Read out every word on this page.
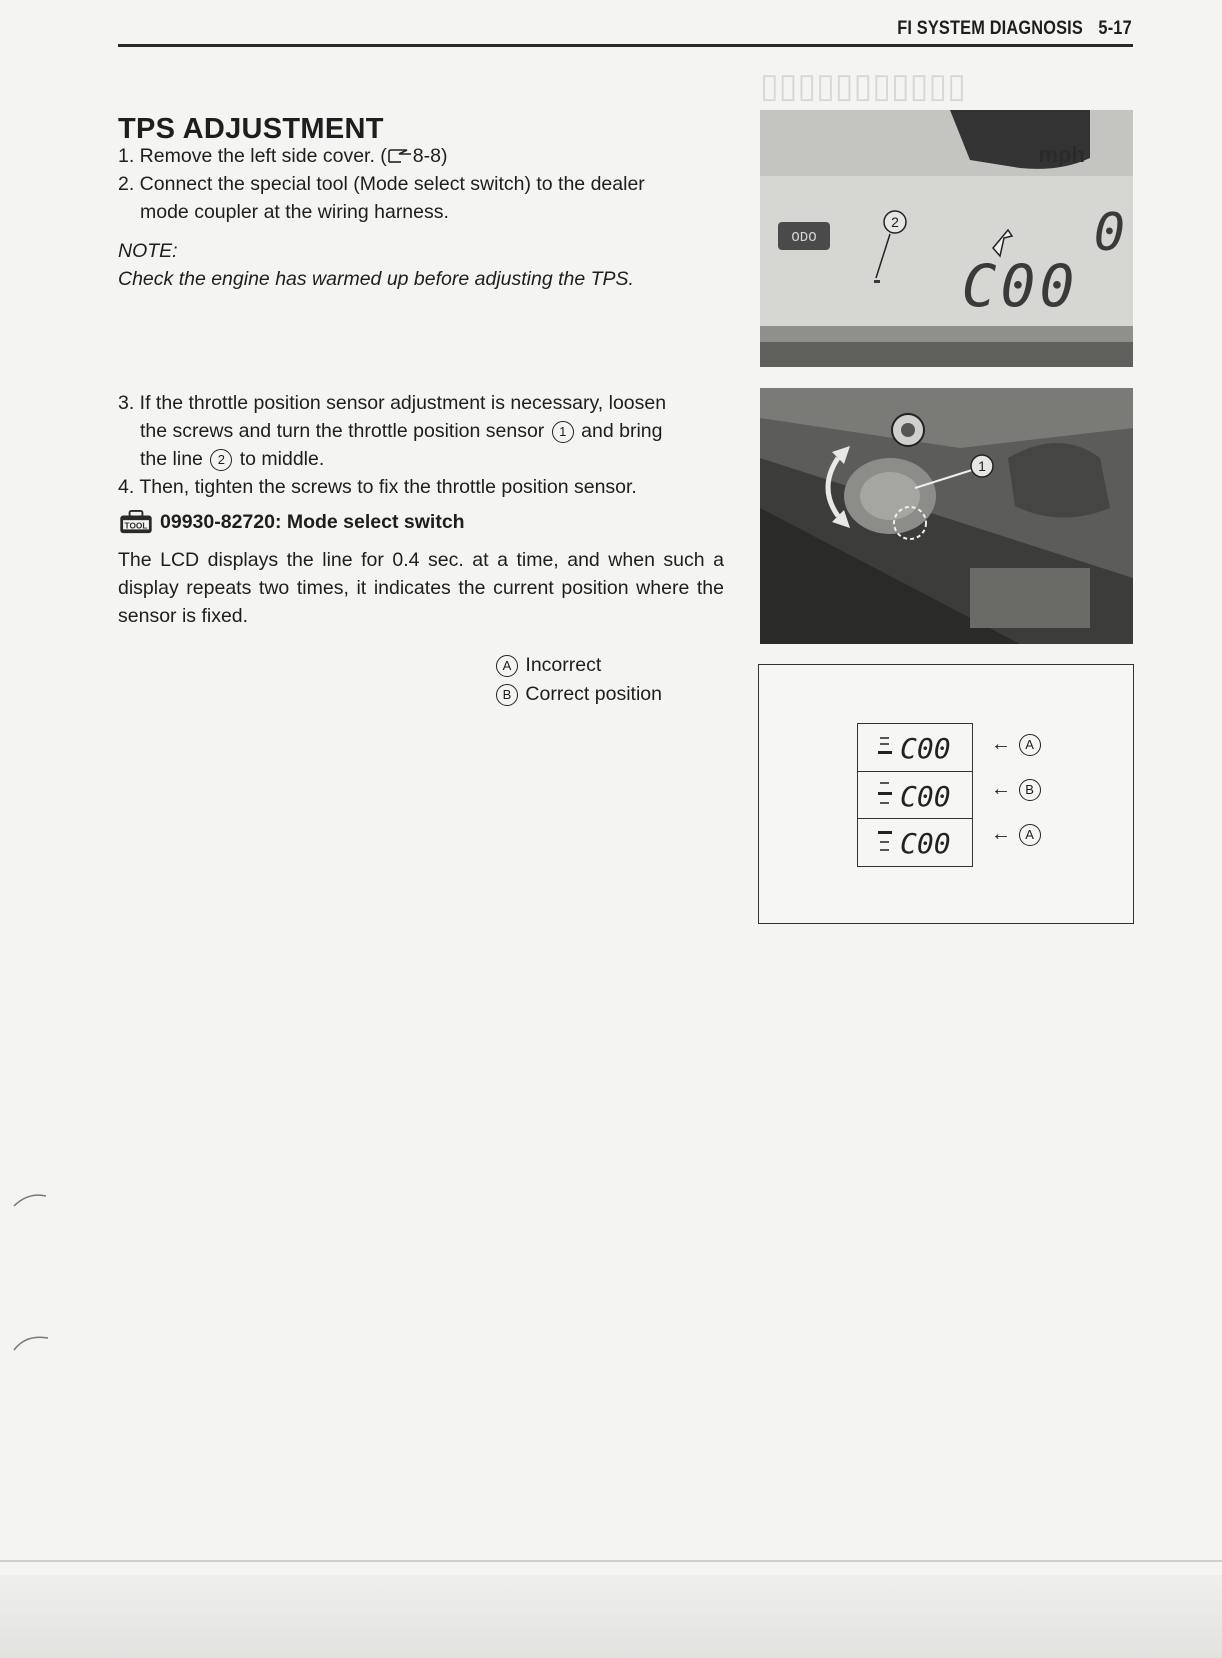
▯▯▯▯▯▯▯▯▯▯▯
FI SYSTEM DIAGNOSIS 5-17
TPS ADJUSTMENT
1. Remove the left side cover. ( 8-8)
2. Connect the special tool (Mode select switch) to the dealer

mode coupler at the wiring harness.
NOTE:
Check the engine has warmed up before adjusting the TPS.
3. If the throttle position sensor adjustment is necessary, loosen

the screws and turn the throttle position sensor 1 and bring
the line 2 to middle.
4. Then, tighten the screws to fix the throttle position sensor.
TOOL 09930-82720: Mode select switch
The LCD displays the line for 0.4 sec. at a time, and when such a display repeats two times, it indicates the current position where the sensor is fixed.
mph
ODO	0
C00
2
1
A Incorrect
B Correct position
C00
C00
C00
← A
← B
← A
